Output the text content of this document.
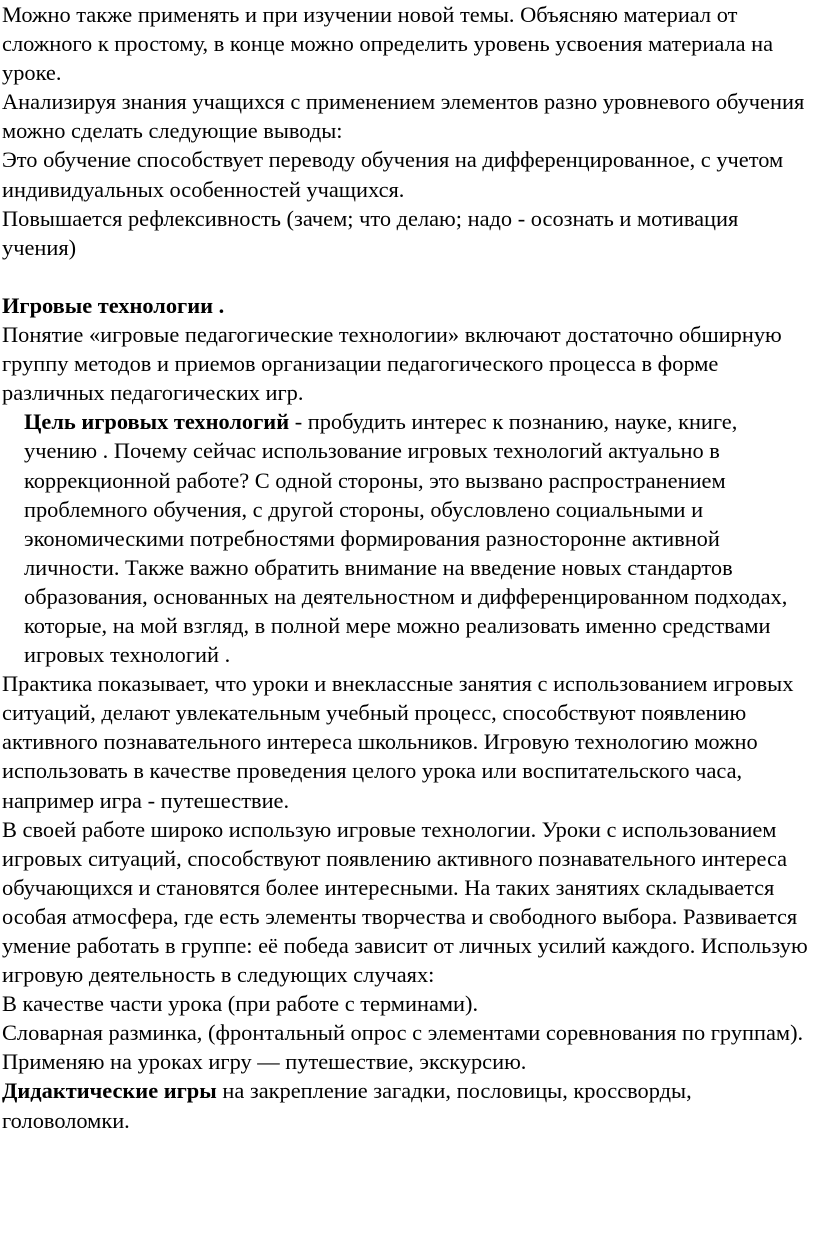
Можно также применять и при изучении новой темы. Объясняю материал от сложного к простому, в конце можно определить уровень усвоения материала на уроке.

Анализируя знания учащихся с применением элементов разно уровневого обучения можно сделать следующие выводы:

Это обучение способствует переводу обучения на дифференцированное, с учетом индивидуальных особенностей учащихся.

Повышается рефлексивность (зачем; что делаю; надо - осознать и мотивация учения)

Игровые технологии .

Понятие «игровые педагогические технологии» включают достаточно обширную группу методов и приемов организации педагогического процесса в форме различных педагогических игр.

Цель игровых технологий - пробудить интерес к познанию, науке, книге, учению . Почему сейчас использование игровых технологий актуально в коррекционной работе? С одной стороны, это вызвано распространением проблемного обучения, с другой стороны, обусловлено социальными и экономическими потребностями формирования разносторонне активной личности. Также важно обратить внимание на введение новых стандартов образования, основанных на деятельностном и дифференцированном подходах, которые, на мой взгляд, в полной мере можно реализовать именно средствами игровых технологий .

Практика показывает, что уроки и внеклассные занятия с использованием игровых ситуаций, делают увлекательным учебный процесс, способствуют появлению активного познавательного интереса школьников. Игровую технологию можно использовать в качестве проведения целого урока или воспитательского часа, например игра - путешествие.

В своей работе широко использую игровые технологии. Уроки с использованием игровых ситуаций, способствуют появлению активного познавательного интереса обучающихся и становятся более интересными. На таких занятиях складывается особая атмосфера, где есть элементы творчества и свободного выбора. Развивается умение работать в группе: её победа зависит от личных усилий каждого. Использую игровую деятельность в следующих случаях:

В качестве части урока (при работе с терминами).

Словарная разминка, (фронтальный опрос с элементами соревнования по группам).

Применяю на уроках игру — путешествие, экскурсию.

Дидактические игры на закрепление загадки, пословицы, кроссворды, головоломки.
